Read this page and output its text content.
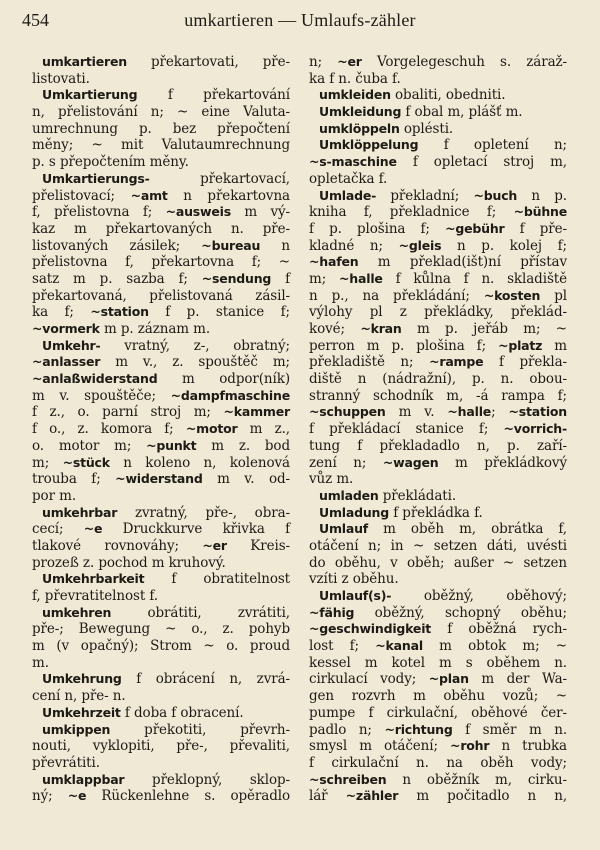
454	umkartieren — Umlaufs-zähler
umkartieren překartovati, pře-
listovati.
Umkartierung f překartování
n, přelistování n; ~ eine Valuta-
umrechnung p. bez přepočtení
měny; ~ mit Valutaumrechnung
p. s přepočtením měny.
Umkartierungs- překartovací,
přelistovací; ~amt n překartovna
f, přelistovna f; ~ausweis m vý-
kaz m překartovaných n. pře-
listovaných zásilek; ~bureau n
přelistovna f, překartovna f; ~
satz m p. sazba f; ~sendung f
překartovaná, přelistovaná zásil-
ka f; ~station f p. stanice f;
~vormerk m p. záznam m.
Umkehr- vratný, z-, obratný;
~anlasser m v., z. spouštěč m;
~anlaßwiderstand m odpor(ník)
m v. spouštěče; ~dampfmaschine
f z., o. parní stroj m; ~kammer
f o., z. komora f; ~motor m z.,
o. motor m; ~punkt m z. bod
m; ~stück n koleno n, kolenová
trouba f; ~widerstand m v. od-
por m.
umkehrbar zvratný, pře-, obra-
cecí; ~e Druckkurve křivka f
tlakové rovnováhy; ~er Kreis-
prozeß z. pochod m kruhový.
Umkehrbarkeit f obratitelnost
f, převratitelnost f.
umkehren obrátiti, zvrátiti,
pře-; Bewegung ~ o., z. pohyb
m (v opačný); Strom ~ o. proud
m.
Umkehrung f obrácení n, zvrá-
cení n, pře- n.
Umkehrzeit f doba f obracení.
umkippen překotiti, převrh-
nouti, vyklopiti, pře-, převaliti,
převrátiti.
umklappbar překlopný, sklop-
ný; ~e Rückenlehne s. opěradlo
n; ~er Vorgelegeschuh s. záraž-
ka f n. čuba f.
umkleiden obaliti, obedniti.
Umkleidung f obal m, plášť m.
umklöppeln oplésti.
Umklöppelung f opletení n;
~s-maschine f opletací stroj m,
opletačka f.
Umlade- překladní; ~buch n p.
kniha f, překladnice f; ~bühne
f p. plošina f; ~gebühr f pře-
kladné n; ~gleis n p. kolej f;
~hafen m překlad(išt)ní přístav
m; ~halle f kůlna f n. skladiště
n p., na překládání; ~kosten pl
výlohy pl z překládky, překlád-
kové; ~kran m p. jeřáb m; ~
perron m p. plošina f; ~platz m
překladiště n; ~rampe f překla-
diště n (nádražní), p. n. obou-
stranný schodník m, -á rampa f;
~schuppen m v. ~halle; ~station
f překládací stanice f; ~vorrich-
tung f překladadlo n, p. zaří-
zení n; ~wagen m překládkový
vůz m.
umladen překládati.
Umladung f překládka f.
Umlauf m oběh m, obrátka f,
otáčení n; in ~ setzen dáti, uvésti
do oběhu, v oběh; außer ~ setzen
vzíti z oběhu.
Umlauf(s)- oběžný, oběhový;
~fähig oběžný, schopný oběhu;
~geschwindigkeit f oběžná rych-
lost f; ~kanal m obtok m; ~
kessel m kotel m s oběhem n.
cirkulací vody; ~plan m der Wa-
gen rozvrh m oběhu vozů; ~
pumpe f cirkulační, oběhové čer-
padlo n; ~richtung f směr m n.
smysl m otáčení; ~rohr n trubka
f cirkulační n. na oběh vody;
~schreiben n oběžník m, cirku-
lář ~zähler m počitadlo n n,
